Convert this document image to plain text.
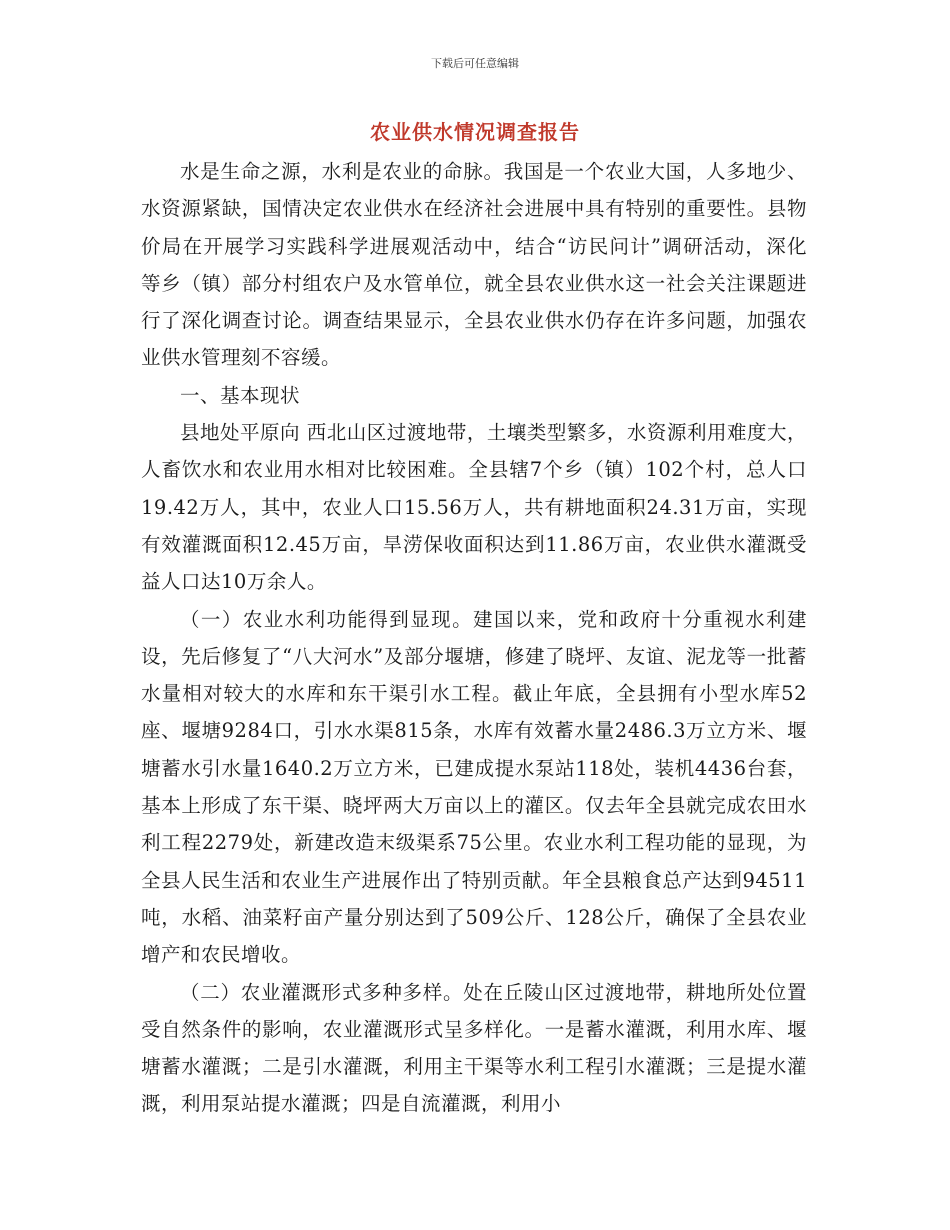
下载后可任意编辑
农业供水情况调查报告

水是生命之源，水利是农业的命脉。我国是一个农业大国，人多地少、水资源紧缺，国情决定农业供水在经济社会进展中具有特别的重要性。县物价局在开展学习实践科学进展观活动中，结合“访民问计”调研活动，深化 等乡（镇）部分村组农户及水管单位，就全县农业供水这一社会关注课题进行了深化调查讨论。调查结果显示，全县农业供水仍存在许多问题，加强农业供水管理刻不容缓。

一、基本现状

县地处平原向 西北山区过渡地带，土壤类型繁多，水资源利用难度大，人畜饮水和农业用水相对比较困难。全县辖7个乡（镇）102个村，总人口19.42万人，其中，农业人口15.56万人，共有耕地面积24.31万亩，实现有效灌溉面积12.45万亩，旱涝保收面积达到11.86万亩，农业供水灌溉受益人口达10万余人。

（一）农业水利功能得到显现。建国以来，党和政府十分重视水利建设，先后修复了“八大河水”及部分堰塘，修建了晓坪、友谊、泥龙等一批蓄水量相对较大的水库和东干渠引水工程。截止年底，全县拥有小型水库52座、堰塘9284口，引水水渠815条，水库有效蓄水量2486.3万立方米、堰塘蓄水引水量1640.2万立方米，已建成提水泵站118处，装机4436台套，基本上形成了东干渠、晓坪两大万亩以上的灌区。仅去年全县就完成农田水利工程2279处，新建改造末级渠系75公里。农业水利工程功能的显现，为全县人民生活和农业生产进展作出了特别贡献。年全县粮食总产达到94511吨，水稻、油菜籽亩产量分别达到了509公斤、128公斤，确保了全县农业增产和农民增收。

（二）农业灌溉形式多种多样。处在丘陵山区过渡地带，耕地所处位置受自然条件的影响，农业灌溉形式呈多样化。一是蓄水灌溉，利用水库、堰塘蓄水灌溉；二是引水灌溉，利用主干渠等水利工程引水灌溉；三是提水灌溉，利用泵站提水灌溉；四是自流灌溉，利用小
